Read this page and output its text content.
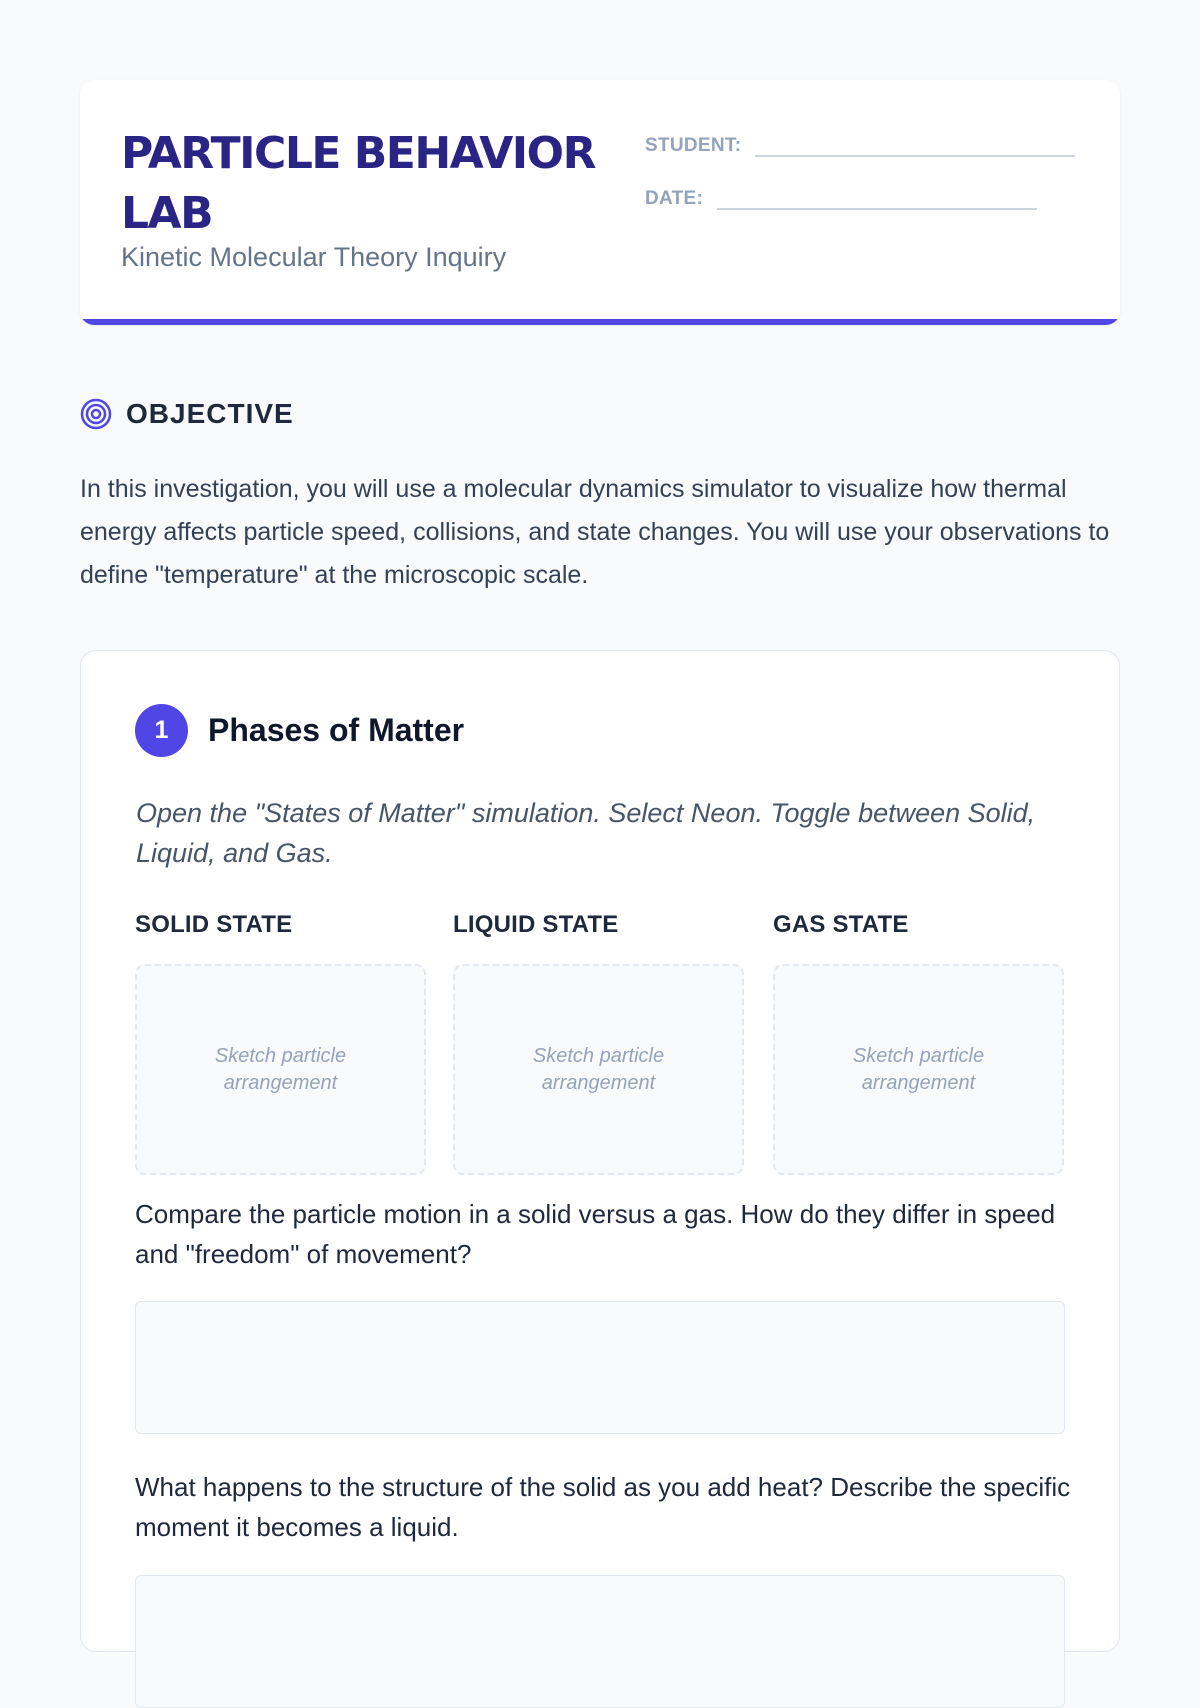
PARTICLE BEHAVIOR LAB

Kinetic Molecular Theory Inquiry

STUDENT:
DATE:
OBJECTIVE

In this investigation, you will use a molecular dynamics simulator to visualize how thermal energy affects particle speed, collisions, and state changes. You will use your observations to define "temperature" at the microscopic scale.

1	Phases of Matter

Open the "States of Matter" simulation. Select Neon. Toggle between Solid, Liquid, and Gas.

SOLID STATE
Sketch particle arrangement
LIQUID STATE
Sketch particle arrangement
GAS STATE
Sketch particle arrangement

Compare the particle motion in a solid versus a gas. How do they differ in speed and "freedom" of movement?

What happens to the structure of the solid as you add heat? Describe the specific moment it becomes a liquid.
